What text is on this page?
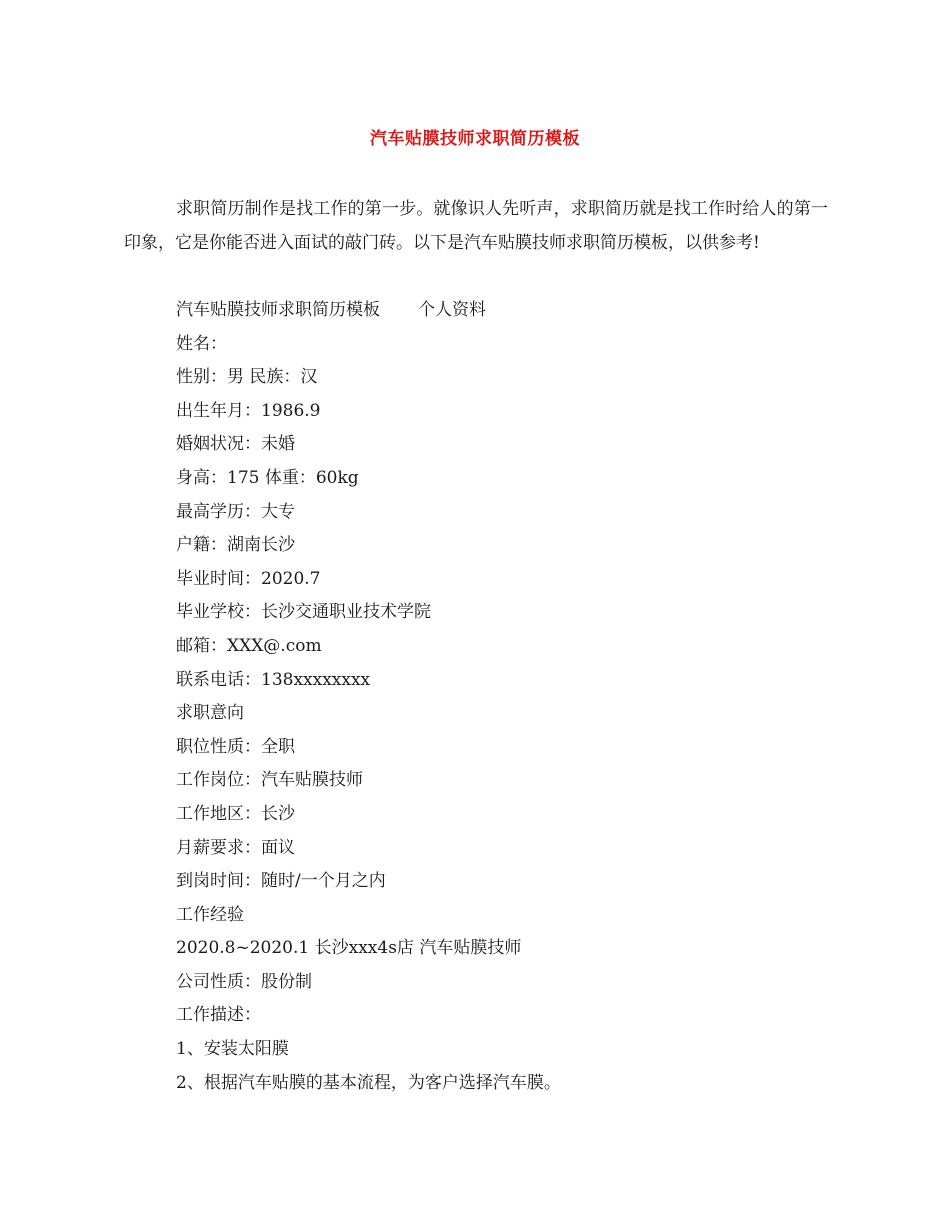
汽车贴膜技师求职简历模板

求职简历制作是找工作的第一步。就像识人先听声，求职简历就是找工作时给人的第一印象，它是你能否进入面试的敲门砖。以下是汽车贴膜技师求职简历模板，以供参考!

汽车贴膜技师求职简历模板 个人资料
姓名：
性别：男 民族：汉
出生年月：1986.9
婚姻状况：未婚
身高：175 体重：60kg
最高学历：大专
户籍：湖南长沙
毕业时间：2020.7
毕业学校：长沙交通职业技术学院
邮箱：XXX@.com
联系电话：138xxxxxxxx
求职意向
职位性质：全职
工作岗位：汽车贴膜技师
工作地区：长沙
月薪要求：面议
到岗时间：随时/一个月之内
工作经验
2020.8~2020.1 长沙xxx4s店 汽车贴膜技师
公司性质：股份制
工作描述：
1、安装太阳膜
2、根据汽车贴膜的基本流程，为客户选择汽车膜。
